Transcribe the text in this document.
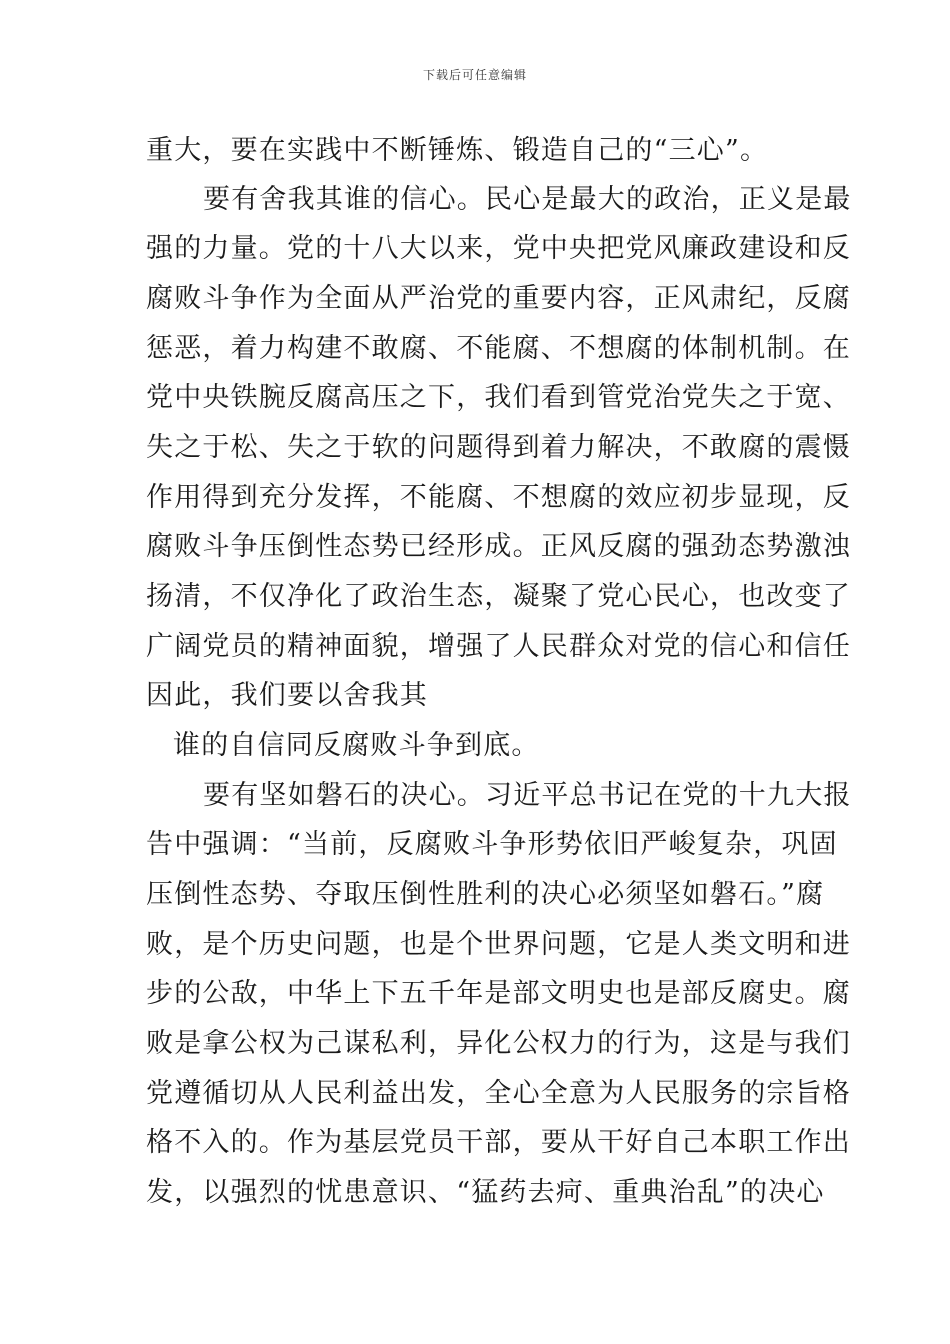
下载后可任意编辑
重大，要在实践中不断锤炼、锻造自己的“三心”。
要有舍我其谁的信心。民心是最大的政治，正义是最
强的力量。党的十八大以来，党中央把党风廉政建设和反
腐败斗争作为全面从严治党的重要内容，正风肃纪，反腐
惩恶，着力构建不敢腐、不能腐、不想腐的体制机制。在
党中央铁腕反腐高压之下，我们看到管党治党失之于宽、
失之于松、失之于软的问题得到着力解决，不敢腐的震慑
作用得到充分发挥，不能腐、不想腐的效应初步显现，反
腐败斗争压倒性态势已经形成。正风反腐的强劲态势激浊
扬清，不仅净化了政治生态，凝聚了党心民心，也改变了
广阔党员的精神面貌，增强了人民群众对党的信心和信任
因此，我们要以舍我其
谁的自信同反腐败斗争到底。
要有坚如磐石的决心。习近平总书记在党的十九大报
告中强调：“当前，反腐败斗争形势依旧严峻复杂，巩固
压倒性态势、夺取压倒性胜利的决心必须坚如磐石。”腐
败，是个历史问题，也是个世界问题，它是人类文明和进
步的公敌，中华上下五千年是部文明史也是部反腐史。腐
败是拿公权为己谋私利，异化公权力的行为，这是与我们
党遵循切从人民利益出发，全心全意为人民服务的宗旨格
格不入的。作为基层党员干部，要从干好自己本职工作出
发，以强烈的忧患意识、“猛药去疴、重典治乱”的决心
